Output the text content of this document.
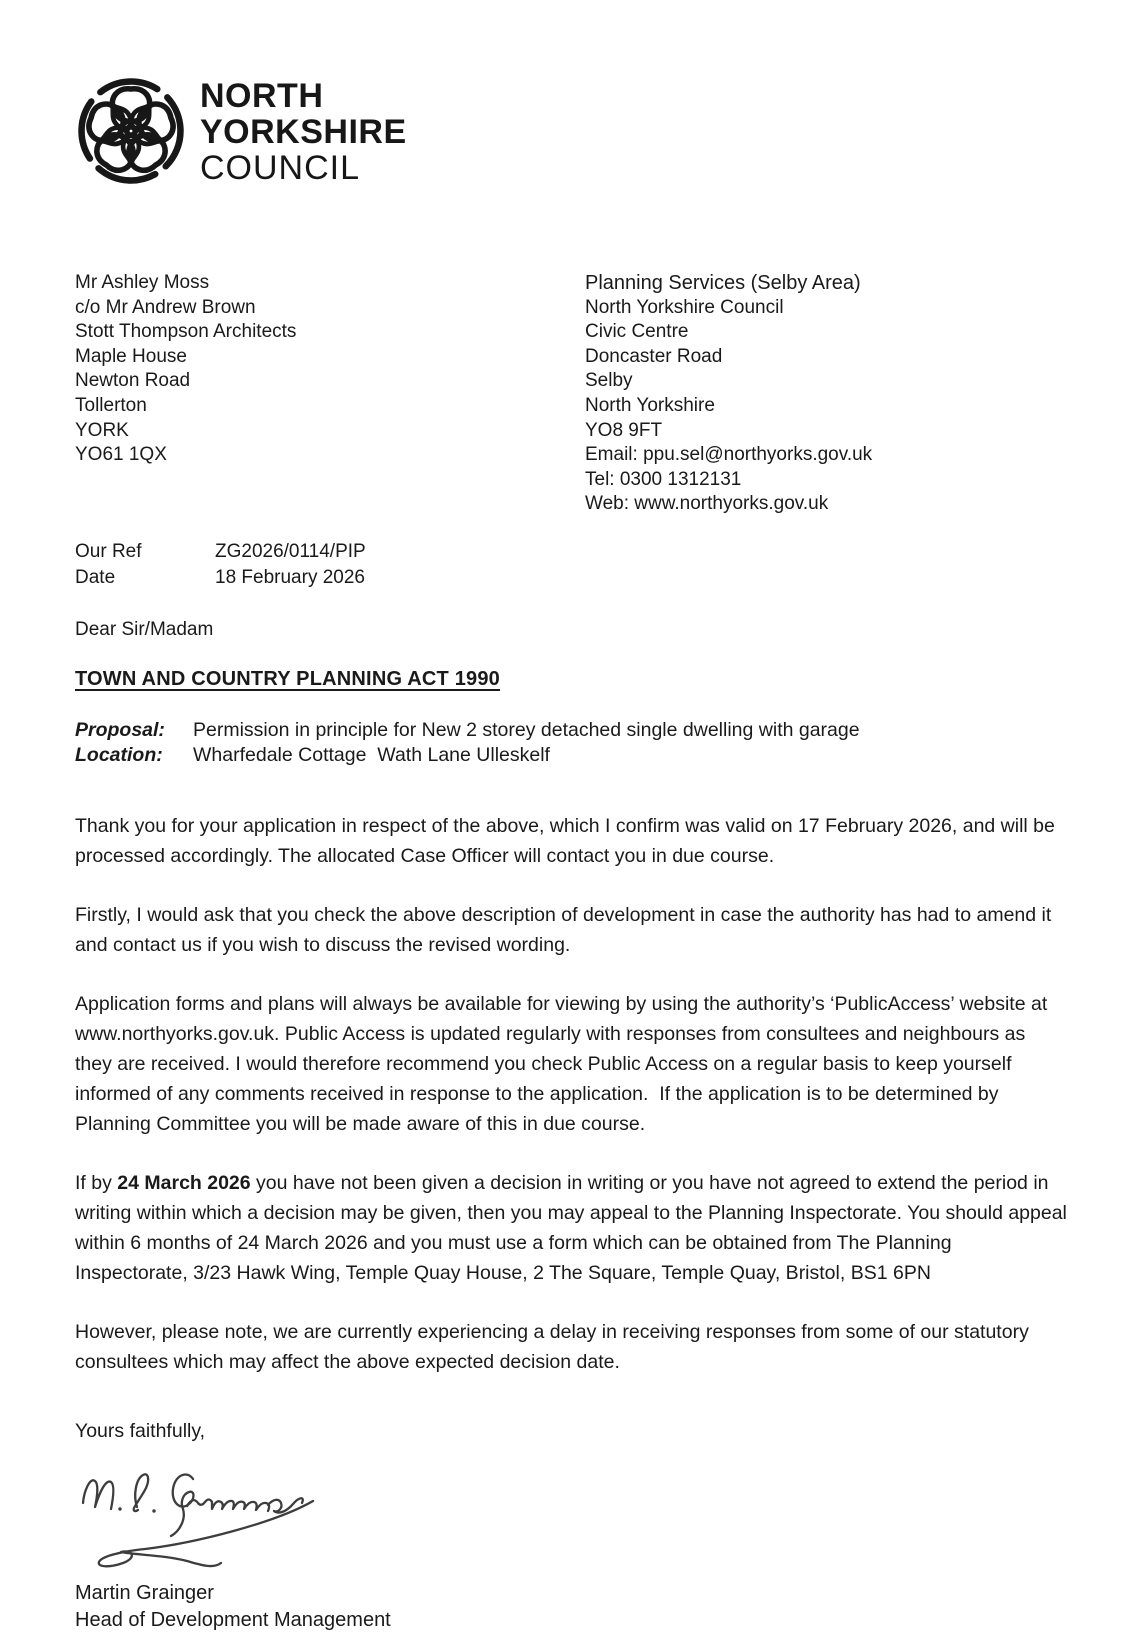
NORTH
YORKSHIRE
COUNCIL
Mr Ashley Moss
c/o Mr Andrew Brown
Stott Thompson Architects
Maple House
Newton Road
Tollerton
YORK
YO61 1QX
Planning Services (Selby Area)
North Yorkshire Council
Civic Centre
Doncaster Road
Selby
North Yorkshire
YO8 9FT
Email: ppu.sel@northyorks.gov.uk
Tel: 0300 1312131
Web: www.northyorks.gov.uk
Our Ref	ZG2026/0114/PIP
Date	18 February 2026
Dear Sir/Madam
TOWN AND COUNTRY PLANNING ACT 1990
Proposal:	Permission in principle for New 2 storey detached single dwelling with garage
Location:	Wharfedale Cottage  Wath Lane Ulleskelf

Thank you for your application in respect of the above, which I confirm was valid on 17 February 2026, and will be processed accordingly. The allocated Case Officer will contact you in due course.

Firstly, I would ask that you check the above description of development in case the authority has had to amend it and contact us if you wish to discuss the revised wording.

Application forms and plans will always be available for viewing by using the authority’s ‘PublicAccess’ website at www.northyorks.gov.uk. Public Access is updated regularly with responses from consultees and neighbours as they are received. I would therefore recommend you check Public Access on a regular basis to keep yourself informed of any comments received in response to the application.  If the application is to be determined by Planning Committee you will be made aware of this in due course.

If by 24 March 2026 you have not been given a decision in writing or you have not agreed to extend the period in writing within which a decision may be given, then you may appeal to the Planning Inspectorate. You should appeal within 6 months of 24 March 2026 and you must use a form which can be obtained from The Planning Inspectorate, 3/23 Hawk Wing, Temple Quay House, 2 The Square, Temple Quay, Bristol, BS1 6PN

However, please note, we are currently experiencing a delay in receiving responses from some of our statutory consultees which may affect the above expected decision date.

Yours faithfully,
Martin Grainger
Head of Development Management
